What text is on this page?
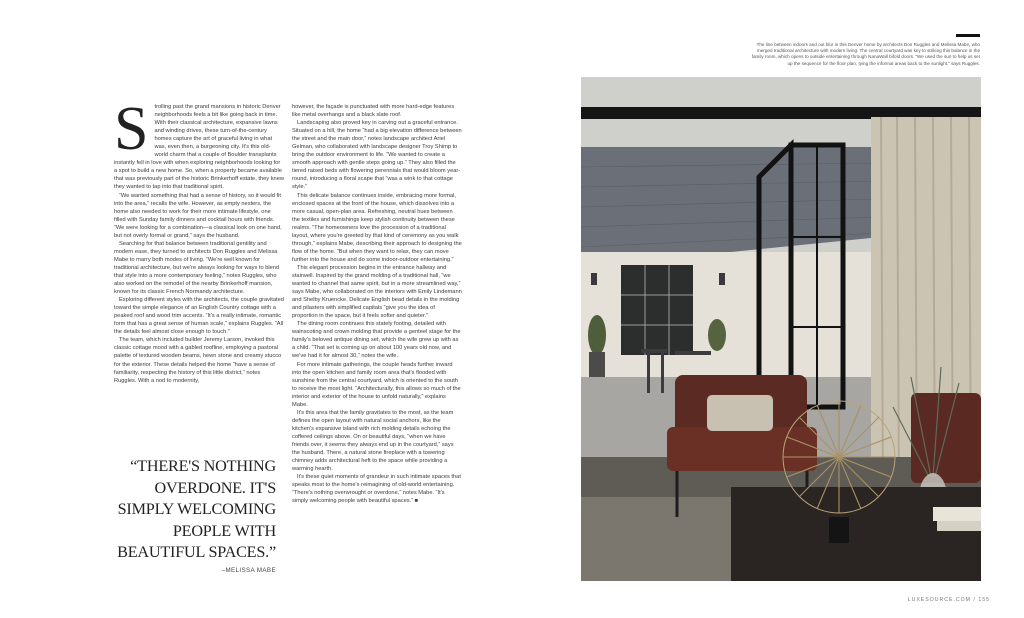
S	trolling past the grand mansions in historic Denver neighborhoods feels a bit like going back in time. With their classical architecture, expansive lawns and winding drives, these turn-of-the-century homes capture the art of graceful living in what was, even then, a burgeoning city. It's this old-world charm that a couple of Boulder transplants instantly fell in love with when exploring neighborhoods looking for a spot to build a new home. So, when a property became available that was previously part of the historic Brinkerhoff estate, they knew they wanted to tap into that traditional spirit.

“We wanted something that had a sense of history, so it would fit into the area,” recalls the wife. However, as empty nesters, the home also needed to work for their more intimate lifestyle, one filled with Sunday family dinners and cocktail hours with friends. “We were looking for a combination—a classical look on one hand, but not overly formal or grand,” says the husband.

Searching for that balance between traditional gentility and modern ease, they turned to architects Don Ruggles and Melissa Mabe to marry both modes of living. “We're well known for traditional architecture, but we're always looking for ways to blend that style into a more contemporary feeling,” notes Ruggles, who also worked on the remodel of the nearby Brinkerhoff mansion, known for its classic French Normandy architecture.

Exploring different styles with the architects, the couple gravitated toward the simple elegance of an English Country cottage with a peaked roof and wood trim accents. “It's a really intimate, romantic form that has a great sense of human scale,” explains Ruggles. “All the details feel almost close enough to touch.”

The team, which included builder Jeremy Larson, invoked this classic cottage mood with a gabled roofline, employing a pastoral palette of textured wooden beams, hewn stone and creamy stucco for the exterior. These details helped the home “have a sense of familiarity, respecting the history of this little district,” notes Ruggles. With a nod to modernity,

however, the façade is punctuated with more hard-edge features like metal overhangs and a black slate roof.

Landscaping also proved key in carving out a graceful entrance. Situated on a hill, the home “had a big elevation difference between the street and the main door,” notes landscape architect Ariel Gelman, who collaborated with landscape designer Troy Shimp to bring the outdoor environment to life. “We wanted to create a smooth approach with gentle steps going up.” They also filled the tiered raised beds with flowering perennials that would bloom year-round, introducing a floral scape that “was a wink to that cottage style.”

This delicate balance continues inside, embracing more formal, enclosed spaces at the front of the house, which dissolves into a more casual, open-plan area. Refreshing, neutral hues between the textiles and furnishings keep stylish continuity between these realms. “The homeowners love the procession of a traditional layout, where you're greeted by that kind of ceremony as you walk through,” explains Mabe, describing their approach to designing the flow of the home. “But when they want to relax, they can move further into the house and do some indoor-outdoor entertaining.”

This elegant procession begins in the entrance hallway and stairwell. Inspired by the grand molding of a traditional hall, “we wanted to channel that same spirit, but in a more streamlined way,” says Mabe, who collaborated on the interiors with Emily Lindemann and Shelby Kruencke. Delicate English bead details in the molding and pilasters with simplified capitals “give you the idea of proportion in the space, but it feels softer and quieter.”

The dining room continues this stately footing, detailed with wainscoting and crown molding that provide a genteel stage for the family's beloved antique dining set, which the wife grew up with as a child. “That set is coming up on about 100 years old now, and we've had it for almost 30,” notes the wife.

For more intimate gatherings, the couple heads further inward into the open kitchen and family room area that's flooded with sunshine from the central courtyard, which is oriented to the south to receive the most light. “Architecturally, this allows so much of the interior and exterior of the house to unfold naturally,” explains Mabe.

It's this area that the family gravitates to the most, as the team defines the open layout with natural social anchors, like the kitchen's expansive island with rich molding details echoing the coffered ceilings above. On or beautiful days, “when we have friends over, it seems they always end up in the courtyard,” says the husband. There, a natural stone fireplace with a towering chimney adds architectural heft to the space while providing a warming hearth.

It's these quiet moments of grandeur in such intimate spaces that speaks most to the home's reimagining of old-world entertaining. “There's nothing overwrought or overdone,” notes Mabe. “It's simply welcoming people with beautiful spaces.” ■

“THERE'S NOTHING
OVERDONE. IT'S
SIMPLY WELCOMING
PEOPLE WITH
BEAUTIFUL SPACES.”
–MELISSA MABE
The line between indoors and out blur in this Denver home by architects Don Ruggles and Melissa Mabe, who merged traditional architecture with modern living. The central courtyard was key to striking this balance in the family room, which opens to outside entertaining through NanaWall bifold doors. “We used the sun to help us set up the sequence for the floor plan, tying the informal areas back to the sunlight,” says Ruggles.
LUXESOURCE.COM / 155
